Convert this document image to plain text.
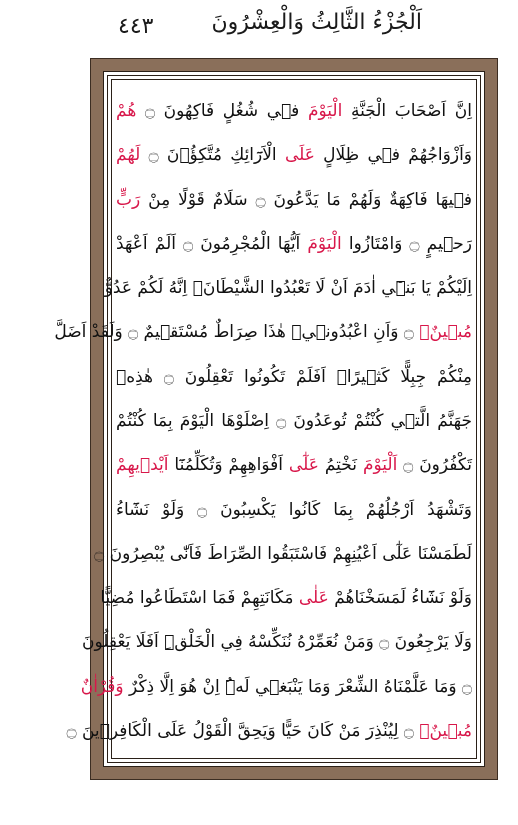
٤٤٣	اَلْجُزْءُ الثَّالِثُ وَالْعِشْرُونَ
اِنَّ اَصْحَابَ الْجَنَّةِ الْيَوْمَ ف۪ي شُغُلٍ فَاكِهُونَ ۝ هُمْ
وَاَزْوَاجُهُمْ ف۪ي ظِلَالٍ عَلَى الْاَرَٓائِكِ مُتَّكِؤُ۫نَ ۝ لَهُمْ
ف۪يهَا فَاكِهَةٌ وَلَهُمْ مَا يَدَّعُونَ ۝ سَلَامٌ قَوْلًا مِنْ رَبٍّ
رَح۪يمٍ ۝ وَامْتَازُوا الْيَوْمَ اَيُّهَا الْمُجْرِمُونَ ۝ اَلَمْ اَعْهَدْ
اِلَيْكُمْ يَا بَن۪ٓي اٰدَمَ اَنْ لَا تَعْبُدُوا الشَّيْطَانَۚ اِنَّهُ لَكُمْ عَدُوٌّ
مُب۪ينٌۙ ۝ وَاَنِ اعْبُدُون۪يۜ هٰذَا صِرَاطٌ مُسْتَق۪يمٌ ۝ وَلَقَدْ اَضَلَّ
مِنْكُمْ جِبِلًّا كَث۪يرًاۜ اَفَلَمْ تَكُونُوا تَعْقِلُونَ ۝ هٰذِه۪
جَهَنَّمُ الَّت۪ي كُنْتُمْ تُوعَدُونَ ۝ اِصْلَوْهَا الْيَوْمَ بِمَا كُنْتُمْ
تَكْفُرُونَ ۝ اَلْيَوْمَ نَخْتِمُ عَلٰٓى اَفْوَاهِهِمْ وَتُكَلِّمُنَٓا اَيْد۪يهِمْ
وَتَشْهَدُ اَرْجُلُهُمْ بِمَا كَانُوا يَكْسِبُونَ ۝ وَلَوْ نَشَٓاءُ
لَطَمَسْنَا عَلٰٓى اَعْيُنِهِمْ فَاسْتَبَقُوا الصِّرَاطَ فَاَنّٰى يُبْصِرُونَ ۝
وَلَوْ نَشَٓاءُ لَمَسَخْنَاهُمْ عَلٰى مَكَانَتِهِمْ فَمَا اسْتَطَاعُوا مُضِيًّا
وَلَا يَرْجِعُونَ ۝ وَمَنْ نُعَمِّرْهُ نُنَكِّسْهُ فِي الْخَلْقِۜ اَفَلَا يَعْقِلُونَ
۝ وَمَا عَلَّمْنَاهُ الشِّعْرَ وَمَا يَنْبَغ۪ي لَهُۜ اِنْ هُوَ اِلَّا ذِكْرٌ وَقُرْاٰنٌ
مُب۪ينٌۙ ۝ لِيُنْذِرَ مَنْ كَانَ حَيًّا وَيَحِقَّ الْقَوْلُ عَلَى الْكَافِر۪ينَ ۝
